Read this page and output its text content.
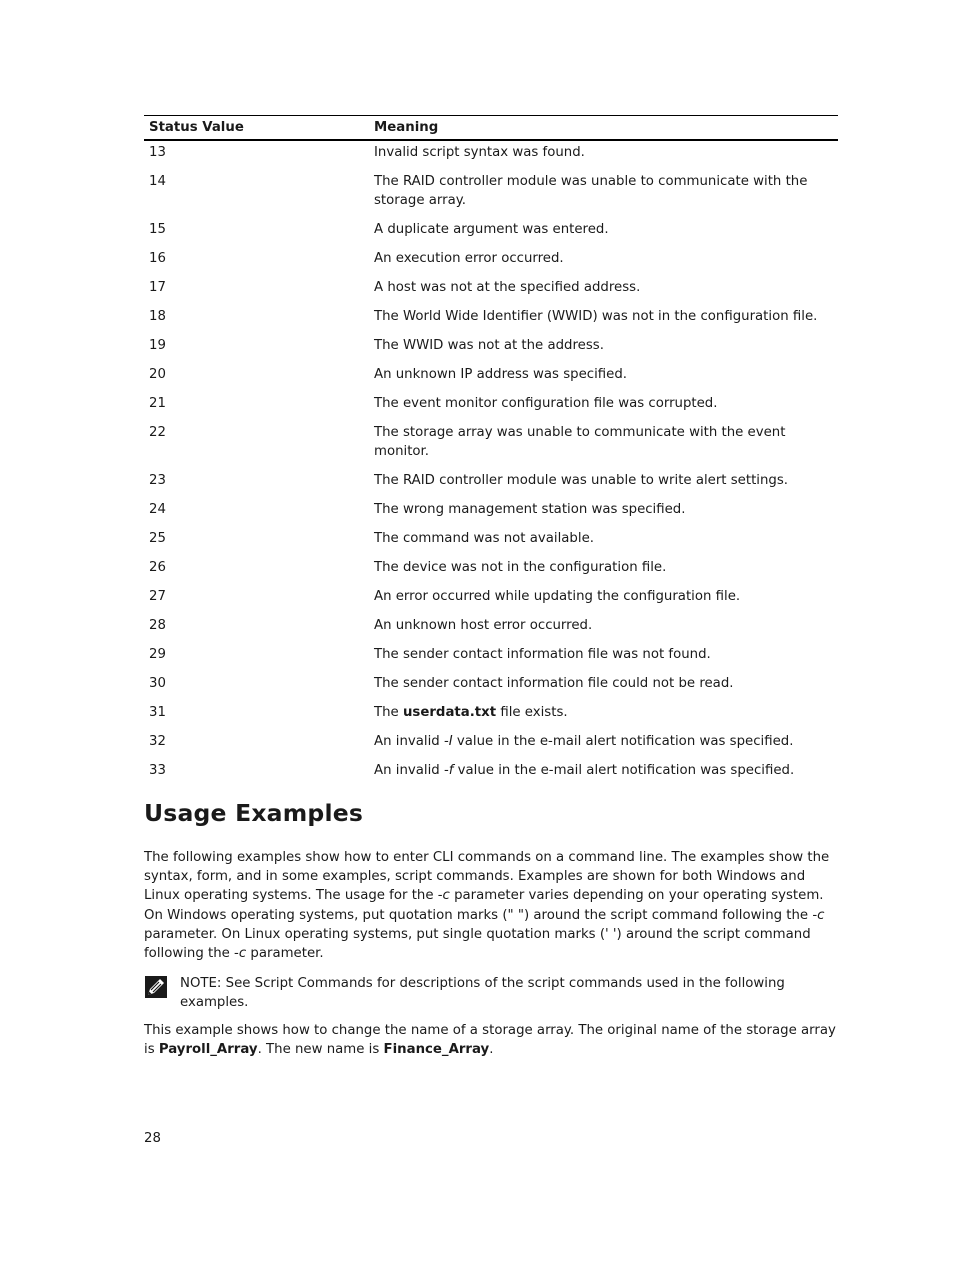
Status Value	Meaning
13	Invalid script syntax was found.
14	The RAID controller module was unable to communicate with the storage array.
15	A duplicate argument was entered.
16	An execution error occurred.
17	A host was not at the specified address.
18	The World Wide Identifier (WWID) was not in the configuration file.
19	The WWID was not at the address.
20	An unknown IP address was specified.
21	The event monitor configuration file was corrupted.
22	The storage array was unable to communicate with the event monitor.
23	The RAID controller module was unable to write alert settings.
24	The wrong management station was specified.
25	The command was not available.
26	The device was not in the configuration file.
27	An error occurred while updating the configuration file.
28	An unknown host error occurred.
29	The sender contact information file was not found.
30	The sender contact information file could not be read.
31	The userdata.txt file exists.
32	An invalid -I value in the e-mail alert notification was specified.
33	An invalid -f value in the e-mail alert notification was specified.
Usage Examples

The following examples show how to enter CLI commands on a command line. The examples show the syntax, form, and in some examples, script commands. Examples are shown for both Windows and Linux operating systems. The usage for the -c parameter varies depending on your operating system. On Windows operating systems, put quotation marks (" ") around the script command following the -c parameter. On Linux operating systems, put single quotation marks (' ') around the script command following the -c parameter.

NOTE: See Script Commands for descriptions of the script commands used in the following examples.

This example shows how to change the name of a storage array. The original name of the storage array is Payroll_Array. The new name is Finance_Array.

28
